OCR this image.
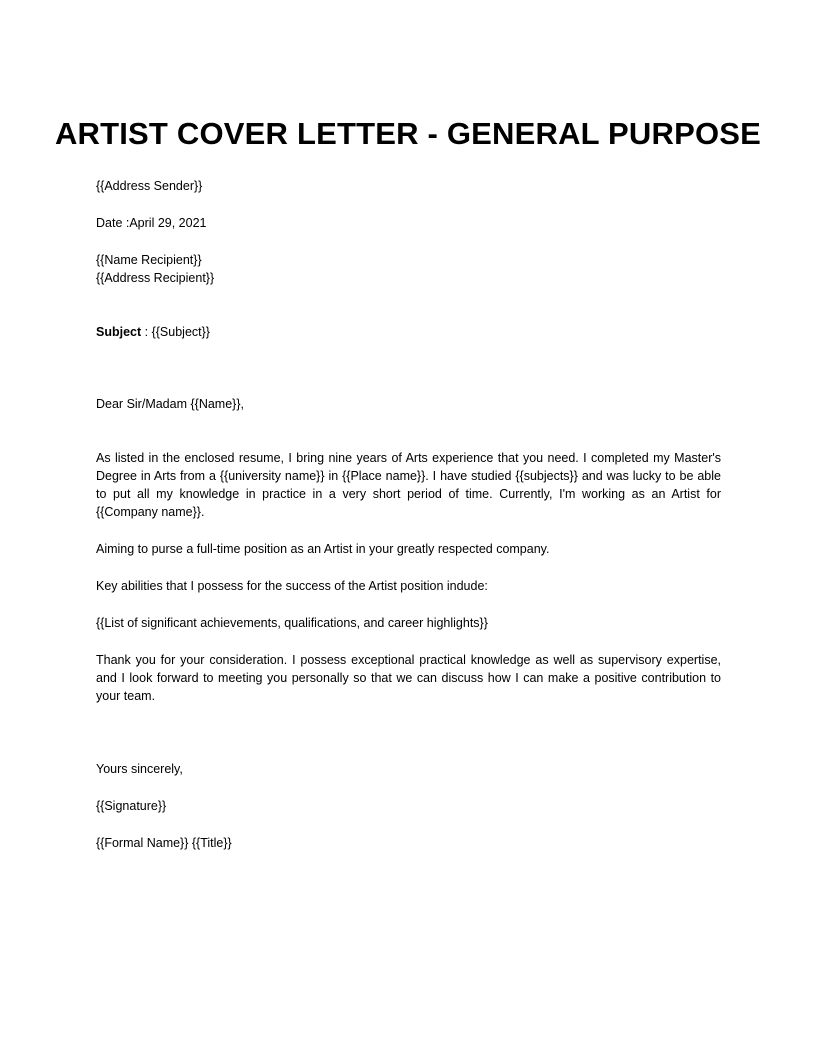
ARTIST COVER LETTER - GENERAL PURPOSE

{{Address Sender}}

Date :April 29, 2021

{{Name Recipient}}

{{Address Recipient}}

Subject : {{Subject}}

Dear Sir/Madam {{Name}},

As listed in the enclosed resume, I bring nine years of Arts experience that you need. I completed my Master's Degree in Arts from a {{university name}} in {{Place name}}. I have studied {{subjects}} and was lucky to be able to put all my knowledge in practice in a very short period of time. Currently, I'm working as an Artist for {{Company name}}.

Aiming to purse a full-time position as an Artist in your greatly respected company.

Key abilities that I possess for the success of the Artist position indude:

{{List of significant achievements, qualifications, and career highlights}}

Thank you for your consideration. I possess exceptional practical knowledge as well as supervisory expertise, and I look forward to meeting you personally so that we can discuss how I can make a positive contribution to your team.

Yours sincerely,

{{Signature}}

{{Formal Name}} {{Title}}
